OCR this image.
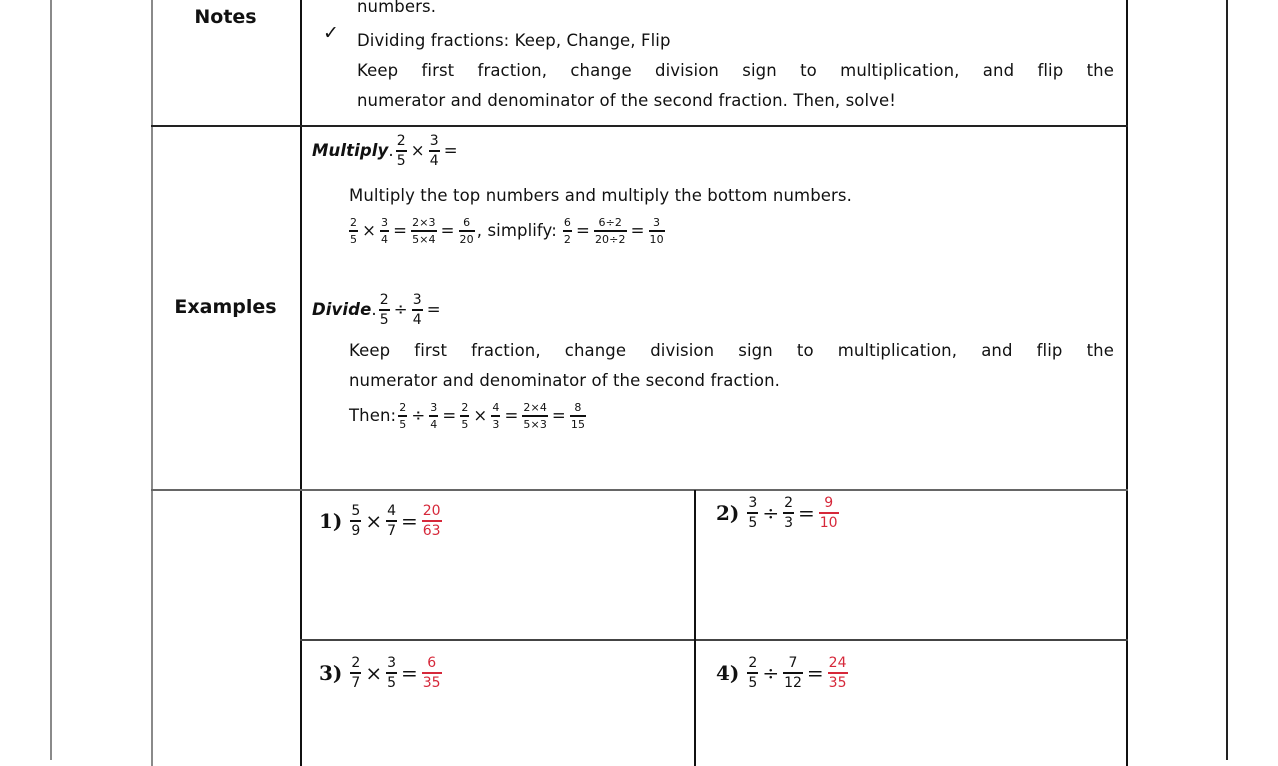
Notes	numbers.
✓ Dividing fractions: Keep, Change, Flip
Keep first fraction, change division sign to multiplication, and flip the
numerator and denominator of the second fraction. Then, solve!
Examples
Multiply . $\frac{2}{5} \times \frac{3}{4}$ =
Multiply the top numbers and multiply the bottom numbers.
$\frac{2}{5} \times \frac{3}{4} = \frac{2\times 3}{5\times 4} = \frac{6}{20}$ , simplify: $\frac{6}{2} = \frac{6\div 2}{20\div 2} = \frac{3}{10}$
Divide . $\frac{2}{5} \div \frac{3}{4}$ =
Keep first fraction, change division sign to multiplication, and flip the
numerator and denominator of the second fraction.
Then: $\frac{2}{5} \div \frac{3}{4} = \frac{2}{5} \times \frac{4}{3} = \frac{2\times 4}{5\times 3} = \frac{8}{15}$
$1) \frac{5}{9} \times \frac{4}{7} = \frac{20}{63}$	$2) \frac{3}{5} \div \frac{2}{3} = \frac{9}{10}$
$3) \frac{2}{7} \times \frac{3}{5} = \frac{6}{35}$	$4) \frac{2}{5} \div \frac{7}{12} = \frac{24}{35}$
